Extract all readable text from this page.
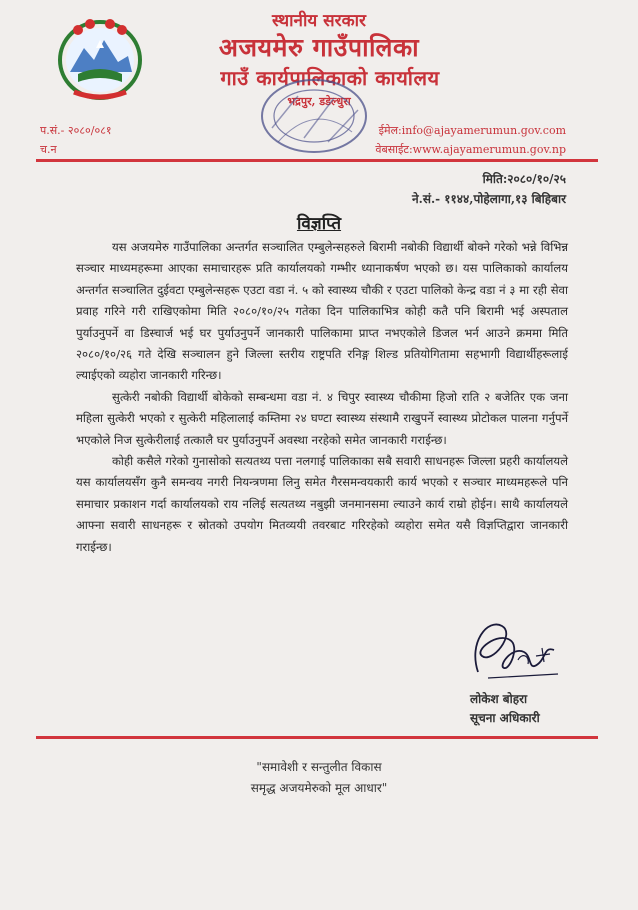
स्थानीय सरकार
अजयमेरु गाउँपालिका
गाउँ कार्यपालिकाको कार्यालय
भद्रपुर, डडेल्धुरा
प.सं.- २०८०/०८१
च.न
ईमेल:info@ajayamerumun.gov.com
वेबसाईट:www.ajayamerumun.gov.np
मिति:२०८०/१०/२५
ने.सं.- ११४४,पोहेलागा,१३ बिहिबार
विज्ञप्ति

यस अजयमेरु गाउँपालिका अन्तर्गत सञ्चालित एम्बुलेन्सहरुले बिरामी नबोकी विद्यार्थी बोक्ने गरेको भन्ने विभिन्न सञ्चार माध्यमहरूमा आएका समाचारहरू प्रति कार्यालयको गम्भीर ध्यानाकर्षण भएको छ। यस पालिकाको कार्यालय अन्तर्गत सञ्चालित दुईवटा एम्बुलेन्सहरू एउटा वडा नं. ५ को स्वास्थ्य चौकी र एउटा पालिको केन्द्र वडा नं ३ मा रही सेवा प्रवाह गरिने गरी राखिएकोमा मिति २०८०/१०/२५ गतेका दिन पालिकाभित्र कोही कतै पनि बिरामी भई अस्पताल पुर्याउनुपर्ने वा डिस्चार्ज भई घर पुर्याउनुपर्ने जानकारी पालिकामा प्राप्त नभएकोले डिजल भर्न आउने क्रममा मिति २०८०/१०/२६ गते देखि सञ्चालन हुने जिल्ला स्तरीय राष्ट्रपति रनिङ्ग शिल्ड प्रतियोगितामा सहभागी विद्यार्थीहरूलाई ल्याईएको व्यहोरा जानकारी गरिन्छ।

सुत्केरी नबोकी विद्यार्थी बोकेको सम्बन्धमा वडा नं. ४ चिपुर स्वास्थ्य चौकीमा हिजो राति २ बजेतिर एक जना महिला सुत्केरी भएको र सुत्केरी महिलालाई कम्तिमा २४ घण्टा स्वास्थ्य संस्थामै राखुपर्ने स्वास्थ्य प्रोटोकल पालना गर्नुपर्ने भएकोले निज सुत्केरीलाई तत्कालै घर पुर्याउनुपर्ने अवस्था नरहेको समेत जानकारी गराईन्छ।

कोही कसैले गरेको गुनासोको सत्यतथ्य पत्ता नलगाई पालिकाका सबै सवारी साधनहरू जिल्ला प्रहरी कार्यालयले यस कार्यालयसँग कुनै समन्वय नगरी नियन्त्रणमा लिनु समेत गैरसमन्वयकारी कार्य भएको र सञ्चार माध्यमहरूले पनि समाचार प्रकाशन गर्दा कार्यालयको राय नलिई सत्यतथ्य नबुझी जनमानसमा ल्याउने कार्य राम्रो होईन। साथै कार्यालयले आफ्ना सवारी साधनहरू र स्रोतको उपयोग मितव्ययी तवरबाट गरिरहेको व्यहोरा समेत यसै विज्ञप्तिद्वारा जानकारी गराईन्छ।

लोकेश बोहरा
सूचना अधिकारी
"समावेशी र सन्तुलीत विकास
समृद्ध अजयमेरुको मूल आधार"
